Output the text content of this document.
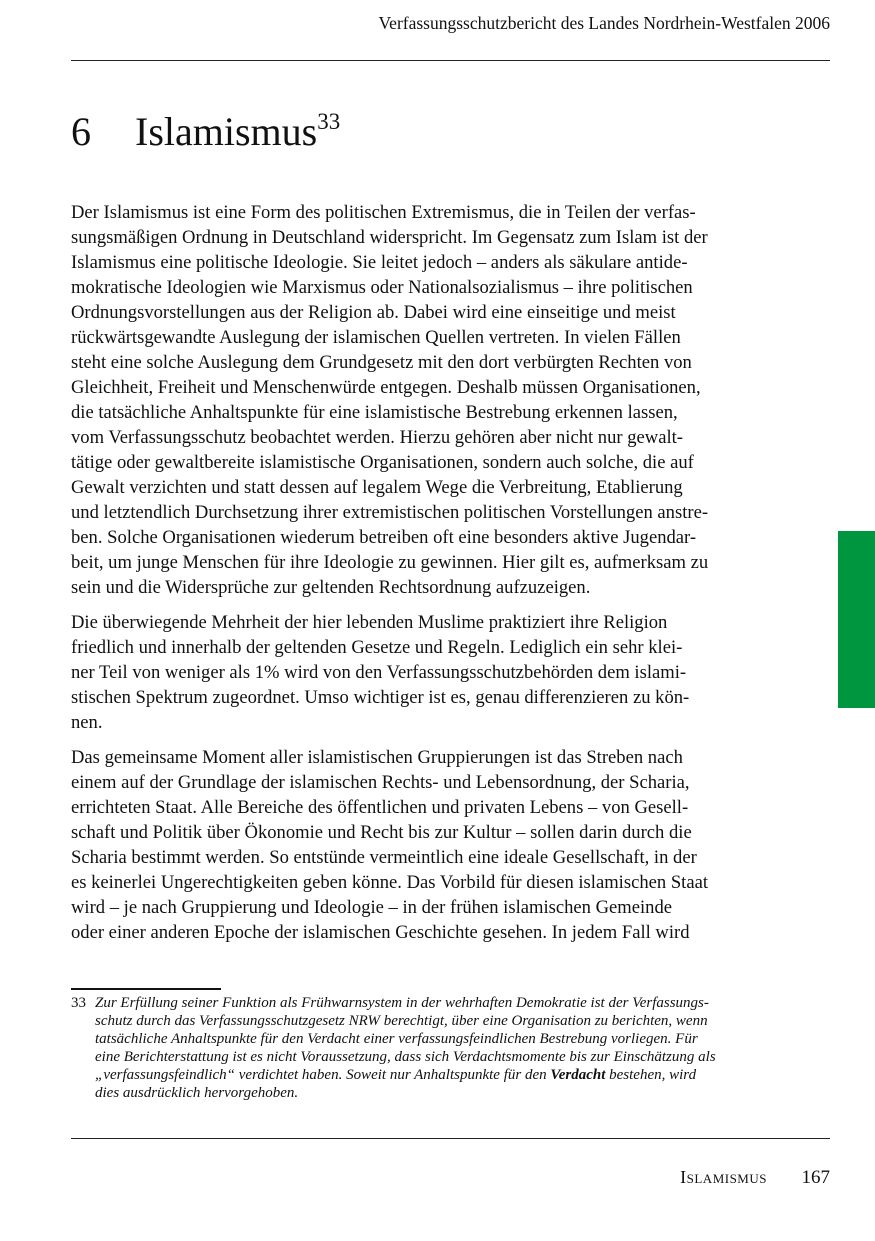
Verfassungsschutzbericht des Landes Nordrhein-Westfalen 2006
6 Islamismus$^{33}$

Der Islamismus ist eine Form des politischen Extremismus, die in Teilen der verfas-
sungsmäßigen Ordnung in Deutschland widerspricht. Im Gegensatz zum Islam ist der
Islamismus eine politische Ideologie. Sie leitet jedoch – anders als säkulare antide-
mokratische Ideologien wie Marxismus oder Nationalsozialismus – ihre politischen
Ordnungsvorstellungen aus der Religion ab. Dabei wird eine einseitige und meist
rückwärtsgewandte Auslegung der islamischen Quellen vertreten. In vielen Fällen
steht eine solche Auslegung dem Grundgesetz mit den dort verbürgten Rechten von
Gleichheit, Freiheit und Menschenwürde entgegen. Deshalb müssen Organisationen,
die tatsächliche Anhaltspunkte für eine islamistische Bestrebung erkennen lassen,
vom Verfassungsschutz beobachtet werden. Hierzu gehören aber nicht nur gewalt-
tätige oder gewaltbereite islamistische Organisationen, sondern auch solche, die auf
Gewalt verzichten und statt dessen auf legalem Wege die Verbreitung, Etablierung
und letztendlich Durchsetzung ihrer extremistischen politischen Vorstellungen anstre-
ben. Solche Organisationen wiederum betreiben oft eine besonders aktive Jugendar-
beit, um junge Menschen für ihre Ideologie zu gewinnen. Hier gilt es, aufmerksam zu
sein und die Widersprüche zur geltenden Rechtsordnung aufzuzeigen.

Die überwiegende Mehrheit der hier lebenden Muslime praktiziert ihre Religion
friedlich und innerhalb der geltenden Gesetze und Regeln. Lediglich ein sehr klei-
ner Teil von weniger als 1% wird von den Verfassungsschutzbehörden dem islami-
stischen Spektrum zugeordnet. Umso wichtiger ist es, genau differenzieren zu kön-
nen.

Das gemeinsame Moment aller islamistischen Gruppierungen ist das Streben nach
einem auf der Grundlage der islamischen Rechts- und Lebensordnung, der Scharia,
errichteten Staat. Alle Bereiche des öffentlichen und privaten Lebens – von Gesell-
schaft und Politik über Ökonomie und Recht bis zur Kultur – sollen darin durch die
Scharia bestimmt werden. So entstünde vermeintlich eine ideale Gesellschaft, in der
es keinerlei Ungerechtigkeiten geben könne. Das Vorbild für diesen islamischen Staat
wird – je nach Gruppierung und Ideologie – in der frühen islamischen Gemeinde
oder einer anderen Epoche der islamischen Geschichte gesehen. In jedem Fall wird

33 Zur Erfüllung seiner Funktion als Frühwarnsystem in der wehrhaften Demokratie ist der Verfassungs-
schutz durch das Verfassungsschutzgesetz NRW berechtigt, über eine Organisation zu berichten, wenn
tatsächliche Anhaltspunkte für den Verdacht einer verfassungsfeindlichen Bestrebung vorliegen. Für
eine Berichterstattung ist es nicht Voraussetzung, dass sich Verdachtsmomente bis zur Einschätzung als
„verfassungsfeindlich“ verdichtet haben. Soweit nur Anhaltspunkte für den Verdacht bestehen, wird
dies ausdrücklich hervorgehoben.
Islamismus 167
